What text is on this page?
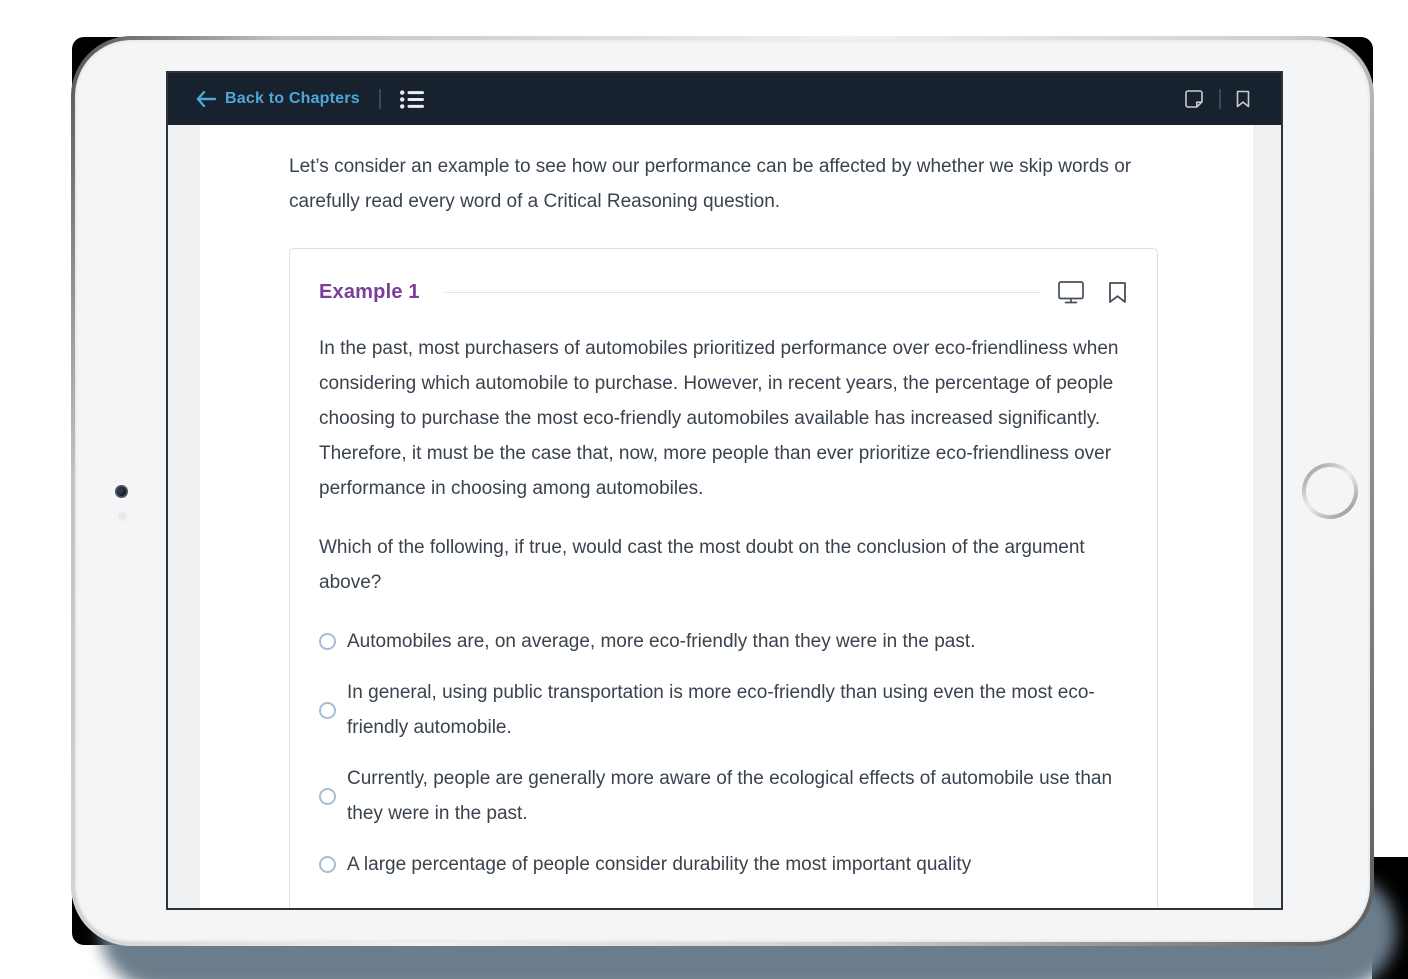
Back to Chapters

Let’s consider an example to see how our performance can be affected by whether we skip words or carefully read every word of a Critical Reasoning question.

Example 1

In the past, most purchasers of automobiles prioritized performance over eco-friendliness when considering which automobile to purchase. However, in recent years, the percentage of people choosing to purchase the most eco-friendly automobiles available has increased significantly. Therefore, it must be the case that, now, more people than ever prioritize eco-friendliness over performance in choosing among automobiles.

Which of the following, if true, would cast the most doubt on the conclusion of the argument above?

Automobiles are, on average, more eco-friendly than they were in the past.
In general, using public transportation is more eco-friendly than using even the most eco-friendly automobile.
Currently, people are generally more aware of the ecological effects of automobile use than they were in the past.
A large percentage of people consider durability the most important quality
